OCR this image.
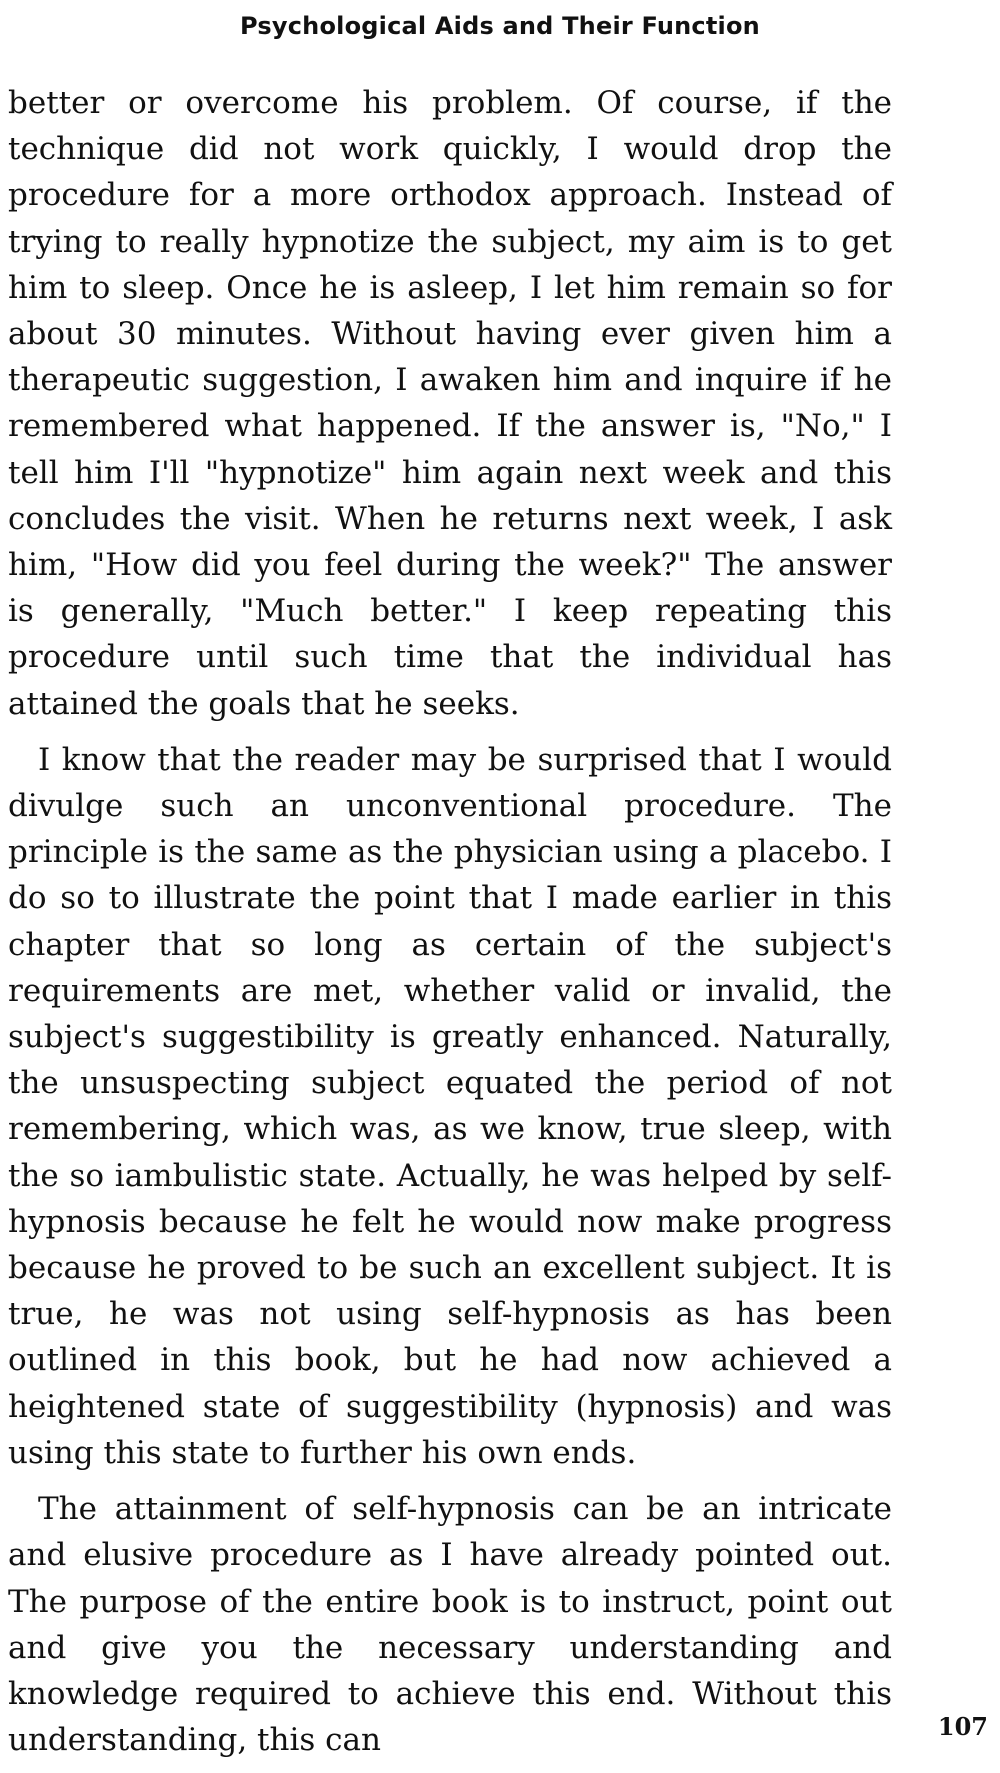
Psychological Aids and Their Function

better or overcome his problem. Of course, if the technique did not work quickly, I would drop the procedure for a more orthodox approach. Instead of trying to really hypnotize the subject, my aim is to get him to sleep. Once he is asleep, I let him remain so for about 30 minutes. Without having ever given him a therapeutic suggestion, I awaken him and inquire if he remembered what happened. If the answer is, "No," I tell him I'll "hypnotize" him again next week and this concludes the visit. When he returns next week, I ask him, "How did you feel during the week?" The answer is generally, "Much better." I keep repeating this procedure until such time that the individual has attained the goals that he seeks.

I know that the reader may be surprised that I would divulge such an unconventional procedure. The principle is the same as the physician using a placebo. I do so to illustrate the point that I made earlier in this chapter that so long as certain of the subject's requirements are met, whether valid or invalid, the subject's suggestibility is greatly enhanced. Naturally, the unsuspecting subject equated the period of not remembering, which was, as we know, true sleep, with the so iambulistic state. Actually, he was helped by self-hypnosis because he felt he would now make progress because he proved to be such an excellent subject. It is true, he was not using self-hypnosis as has been outlined in this book, but he had now achieved a heightened state of suggestibility (hypnosis) and was using this state to further his own ends.

The attainment of self-hypnosis can be an intricate and elusive procedure as I have already pointed out. The purpose of the entire book is to instruct, point out and give you the necessary understanding and knowledge required to achieve this end. Without this understanding, this can	107
